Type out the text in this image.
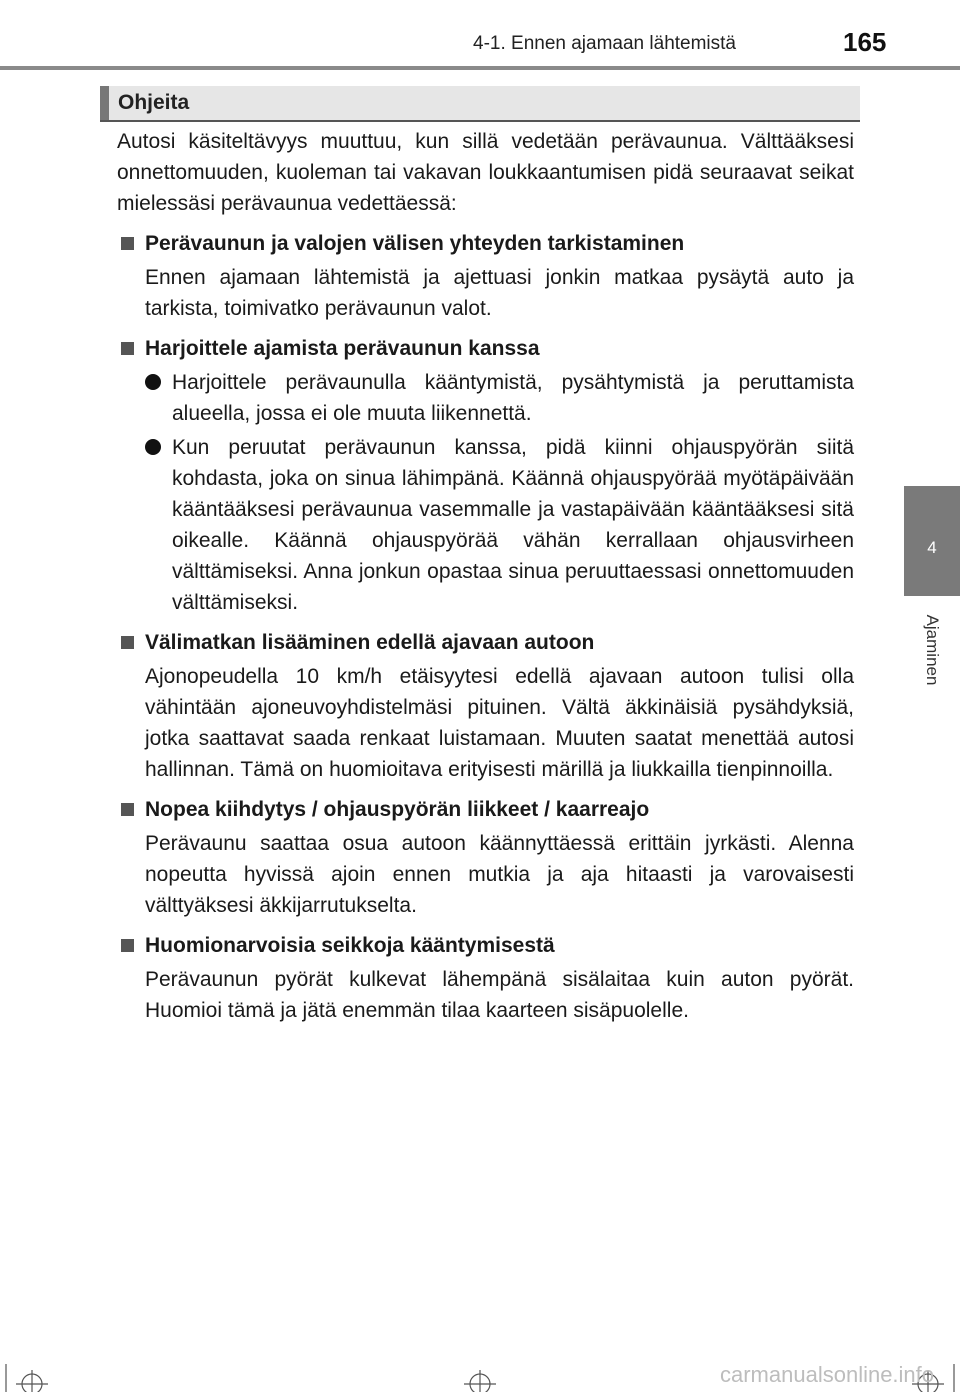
4-1. Ennen ajamaan lähtemistä	165
4
Ajaminen
Ohjeita

Autosi käsiteltävyys muuttuu, kun sillä vedetään perävaunua. Välttääksesi onnettomuuden, kuoleman tai vakavan loukkaantumisen pidä seuraavat seikat mielessäsi perävaunua vedettäessä:

Perävaunun ja valojen välisen yhteyden tarkistaminen

Ennen ajamaan lähtemistä ja ajettuasi jonkin matkaa pysäytä auto ja tarkista, toimivatko perävaunun valot.

Harjoittele ajamista perävaunun kanssa
Harjoittele perävaunulla kääntymistä, pysähtymistä ja peruttamista alueella, jossa ei ole muuta liikennettä.
Kun peruutat perävaunun kanssa, pidä kiinni ohjauspyörän siitä kohdasta, joka on sinua lähimpänä. Käännä ohjauspyörää myötäpäivään kääntääksesi perävaunua vasemmalle ja vastapäivään kääntääksesi sitä oikealle. Käännä ohjauspyörää vähän kerrallaan ohjausvirheen välttämiseksi. Anna jonkun opastaa sinua peruuttaessasi onnettomuuden välttämiseksi.
Välimatkan lisääminen edellä ajavaan autoon

Ajonopeudella 10 km/h etäisyytesi edellä ajavaan autoon tulisi olla vähintään ajoneuvoyhdistelmäsi pituinen. Vältä äkkinäisiä pysähdyksiä, jotka saattavat saada renkaat luistamaan. Muuten saatat menettää autosi hallinnan. Tämä on huomioitava erityisesti märillä ja liukkailla tienpinnoilla.

Nopea kiihdytys / ohjauspyörän liikkeet / kaarreajo

Perävaunu saattaa osua autoon käännyttäessä erittäin jyrkästi. Alenna nopeutta hyvissä ajoin ennen mutkia ja aja hitaasti ja varovaisesti välttyäksesi äkkijarrutukselta.

Huomionarvoisia seikkoja kääntymisestä

Perävaunun pyörät kulkevat lähempänä sisälaitaa kuin auton pyörät. Huomioi tämä ja jätä enemmän tilaa kaarteen sisäpuolelle.

carmanualsonline.info
